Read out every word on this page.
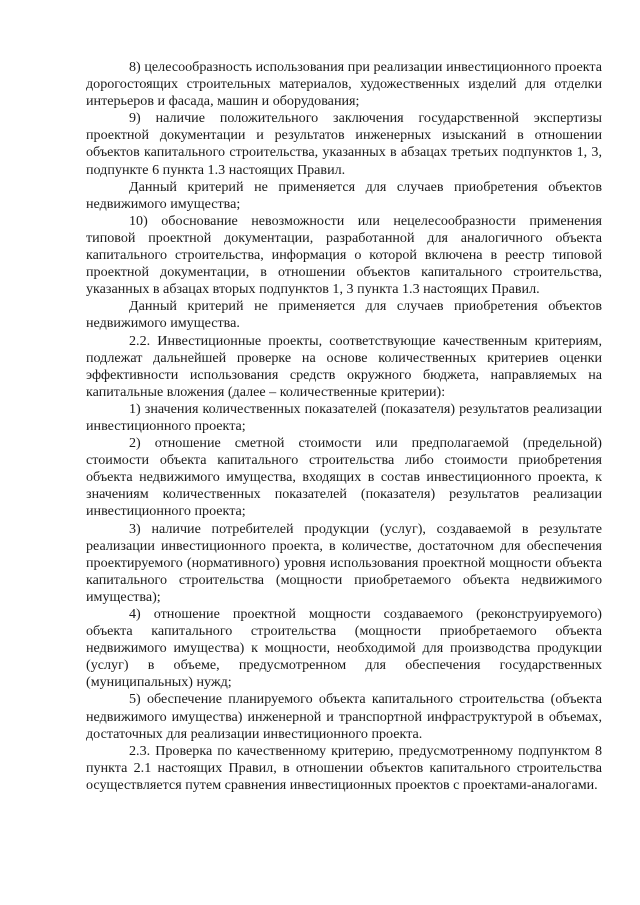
8) целесообразность использования при реализации инвестиционного проекта дорогостоящих строительных материалов, художественных изделий для отделки интерьеров и фасада, машин и оборудования;

9) наличие положительного заключения государственной экспертизы проектной документации и результатов инженерных изысканий в отношении объектов капитального строительства, указанных в абзацах третьих подпунктов 1, 3, подпункте 6 пункта 1.3 настоящих Правил.

Данный критерий не применяется для случаев приобретения объектов недвижимого имущества;

10) обоснование невозможности или нецелесообразности применения типовой проектной документации, разработанной для аналогичного объекта капитального строительства, информация о которой включена в реестр типовой проектной документации, в отношении объектов капитального строительства, указанных в абзацах вторых подпунктов 1, 3 пункта 1.3 настоящих Правил.

Данный критерий не применяется для случаев приобретения объектов недвижимого имущества.

2.2. Инвестиционные проекты, соответствующие качественным критериям, подлежат дальнейшей проверке на основе количественных критериев оценки эффективности использования средств окружного бюджета, направляемых на капитальные вложения (далее – количественные критерии):

1) значения количественных показателей (показателя) результатов реализации инвестиционного проекта;

2) отношение сметной стоимости или предполагаемой (предельной) стоимости объекта капитального строительства либо стоимости приобретения объекта недвижимого имущества, входящих в состав инвестиционного проекта, к значениям количественных показателей (показателя) результатов реализации инвестиционного проекта;

3) наличие потребителей продукции (услуг), создаваемой в результате реализации инвестиционного проекта, в количестве, достаточном для обеспечения проектируемого (нормативного) уровня использования проектной мощности объекта капитального строительства (мощности приобретаемого объекта недвижимого имущества);

4) отношение проектной мощности создаваемого (реконструируемого) объекта капитального строительства (мощности приобретаемого объекта недвижимого имущества) к мощности, необходимой для производства продукции (услуг) в объеме, предусмотренном для обеспечения государственных (муниципальных) нужд;

5) обеспечение планируемого объекта капитального строительства (объекта недвижимого имущества) инженерной и транспортной инфраструктурой в объемах, достаточных для реализации инвестиционного проекта.

2.3. Проверка по качественному критерию, предусмотренному подпунктом 8 пункта 2.1 настоящих Правил, в отношении объектов капитального строительства осуществляется путем сравнения инвестиционных проектов с проектами-аналогами.
